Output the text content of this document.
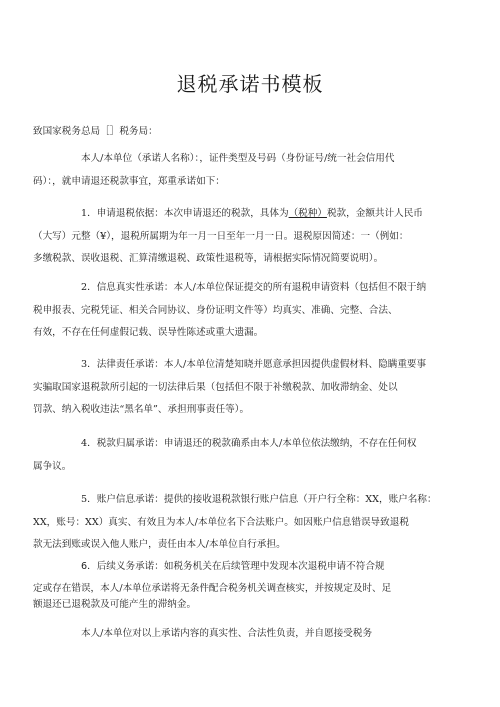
退税承诺书模板

致国家税务总局［］税务局：

本人/本单位（承诺人名称）：，证件类型及号码（身份证号/统一社会信用代

码）：，就申请退还税款事宜，郑重承诺如下：

1．申请退税依据：本次申请退还的税款，具体为（税种）税款，金额共计人民币

（大写）元整（¥），退税所属期为年一月一日至年一月一日。退税原因简述：一（例如：

多缴税款、误收退税、汇算清缴退税、政策性退税等，请根据实际情况简要说明）。

2．信息真实性承诺：本人/本单位保证提交的所有退税申请资料（包括但不限于纳

税申报表、完税凭证、相关合同协议、身份证明文件等）均真实、准确、完整、合法、

有效，不存在任何虚假记载、误导性陈述或重大遗漏。

3．法律责任承诺：本人/本单位清楚知晓并愿意承担因提供虚假材料、隐瞒重要事

实骗取国家退税款所引起的一切法律后果（包括但不限于补缴税款、加收滞纳金、处以

罚款、纳入税收违法“黑名单”、承担刑事责任等）。

4．税款归属承诺：申请退还的税款确系由本人/本单位依法缴纳，不存在任何权

属争议。

5．账户信息承诺：提供的接收退税款银行账户信息（开户行全称：XX，账户名称：

XX，账号：XX）真实、有效且为本人/本单位名下合法账户。如因账户信息错误导致退税

款无法到账或误入他人账户，责任由本人/本单位自行承担。

6．后续义务承诺：如税务机关在后续管理中发现本次退税申请不符合规

定或存在错误，本人/本单位承诺将无条件配合税务机关调查核实，并按规定及时、足

额退还已退税款及可能产生的滞纳金。

本人/本单位对以上承诺内容的真实性、合法性负责，并自愿接受税务
